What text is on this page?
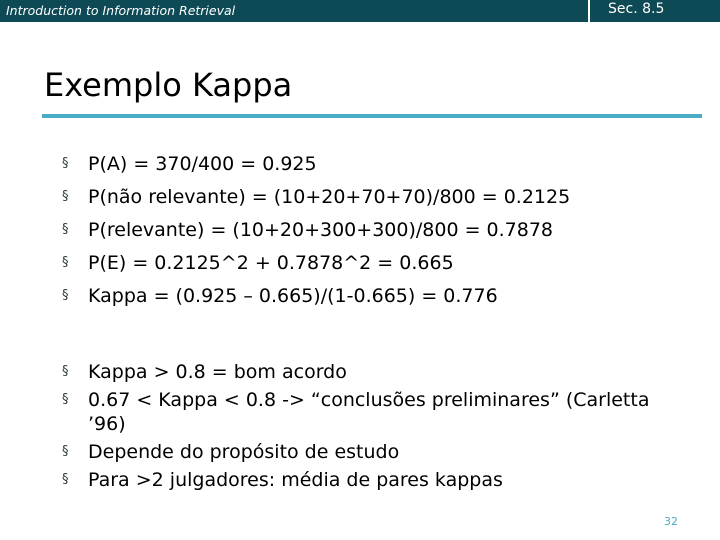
Introduction to Information Retrieval	Sec. 8.5
Exemplo Kappa
§ P(A) = 370/400 = 0.925
§ P(não relevante) = (10+20+70+70)/800 = 0.2125
§ P(relevante) = (10+20+300+300)/800 = 0.7878
§ P(E) = 0.2125^2 + 0.7878^2 = 0.665
§ Kappa = (0.925 – 0.665)/(1-0.665) = 0.776
§ Kappa > 0.8 = bom acordo
§ 0.67 < Kappa < 0.8 -> “conclusões preliminares” (Carletta ’96)
§ Depende do propósito de estudo
§ Para >2 julgadores: média de pares kappas
32
